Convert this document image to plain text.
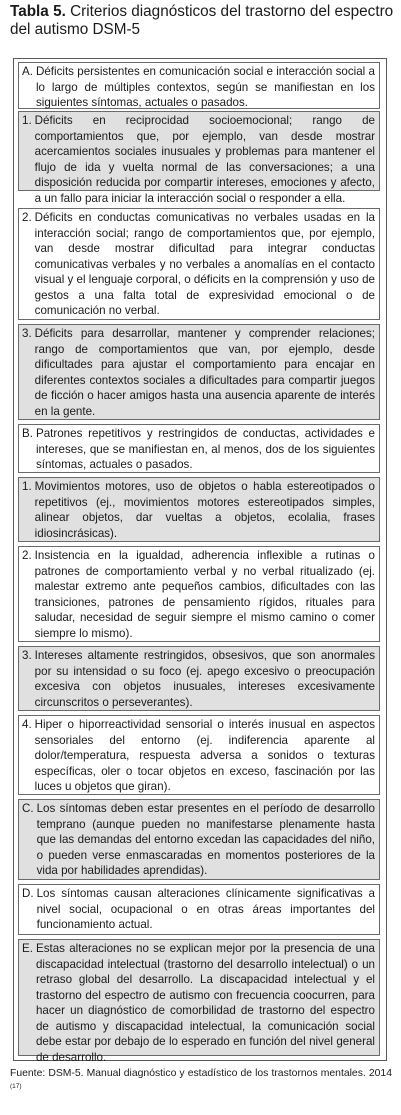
Tabla 5. Criterios diagnósticos del trastorno del espectro del autismo DSM-5
A. Déficits persistentes en comunicación social e interacción social a lo largo de múltiples contextos, según se manifiestan en los siguientes síntomas, actuales o pasados.
1. Déficits en reciprocidad socioemocional; rango de comportamientos que, por ejemplo, van desde mostrar acercamientos sociales inusuales y problemas para mantener el flujo de ida y vuelta normal de las conversaciones; a una disposición reducida por compartir intereses, emociones y afecto, a un fallo para iniciar la interacción social o responder a ella.
2. Déficits en conductas comunicativas no verbales usadas en la interacción social; rango de comportamientos que, por ejemplo, van desde mostrar dificultad para integrar conductas comunicativas verbales y no verbales a anomalías en el contacto visual y el lenguaje corporal, o déficits en la comprensión y uso de gestos a una falta total de expresividad emocional o de comunicación no verbal.
3. Déficits para desarrollar, mantener y comprender relaciones; rango de comportamientos que van, por ejemplo, desde dificultades para ajustar el comportamiento para encajar en diferentes contextos sociales a dificultades para compartir juegos de ficción o hacer amigos hasta una ausencia aparente de interés en la gente.
B. Patrones repetitivos y restringidos de conductas, actividades e intereses, que se manifiestan en, al menos, dos de los siguientes síntomas, actuales o pasados.
1. Movimientos motores, uso de objetos o habla estereotipados o repetitivos (ej., movimientos motores estereotipados simples, alinear objetos, dar vueltas a objetos, ecolalia, frases idiosincrásicas).
2. Insistencia en la igualdad, adherencia inflexible a rutinas o patrones de comportamiento verbal y no verbal ritualizado (ej. malestar extremo ante pequeños cambios, dificultades con las transiciones, patrones de pensamiento rígidos, rituales para saludar, necesidad de seguir siempre el mismo camino o comer siempre lo mismo).
3. Intereses altamente restringidos, obsesivos, que son anormales por su intensidad o su foco (ej. apego excesivo o preocupación excesiva con objetos inusuales, intereses excesivamente circunscritos o perseverantes).
4. Hiper o hiporreactividad sensorial o interés inusual en aspectos sensoriales del entorno (ej. indiferencia aparente al dolor/temperatura, respuesta adversa a sonidos o texturas específicas, oler o tocar objetos en exceso, fascinación por las luces u objetos que giran).
C. Los síntomas deben estar presentes en el período de desarrollo temprano (aunque pueden no manifestarse plenamente hasta que las demandas del entorno excedan las capacidades del niño, o pueden verse enmascaradas en momentos posteriores de la vida por habilidades aprendidas).
D. Los síntomas causan alteraciones clínicamente significativas a nivel social, ocupacional o en otras áreas importantes del funcionamiento actual.
E. Estas alteraciones no se explican mejor por la presencia de una discapacidad intelectual (trastorno del desarrollo intelectual) o un retraso global del desarrollo. La discapacidad intelectual y el trastorno del espectro de autismo con frecuencia coocurren, para hacer un diagnóstico de comorbilidad de trastorno del espectro de autismo y discapacidad intelectual, la comunicación social debe estar por debajo de lo esperado en función del nivel general de desarrollo.
Fuente: DSM-5. Manual diagnóstico y estadístico de los trastornos mentales. 2014 $^{(17)}$
